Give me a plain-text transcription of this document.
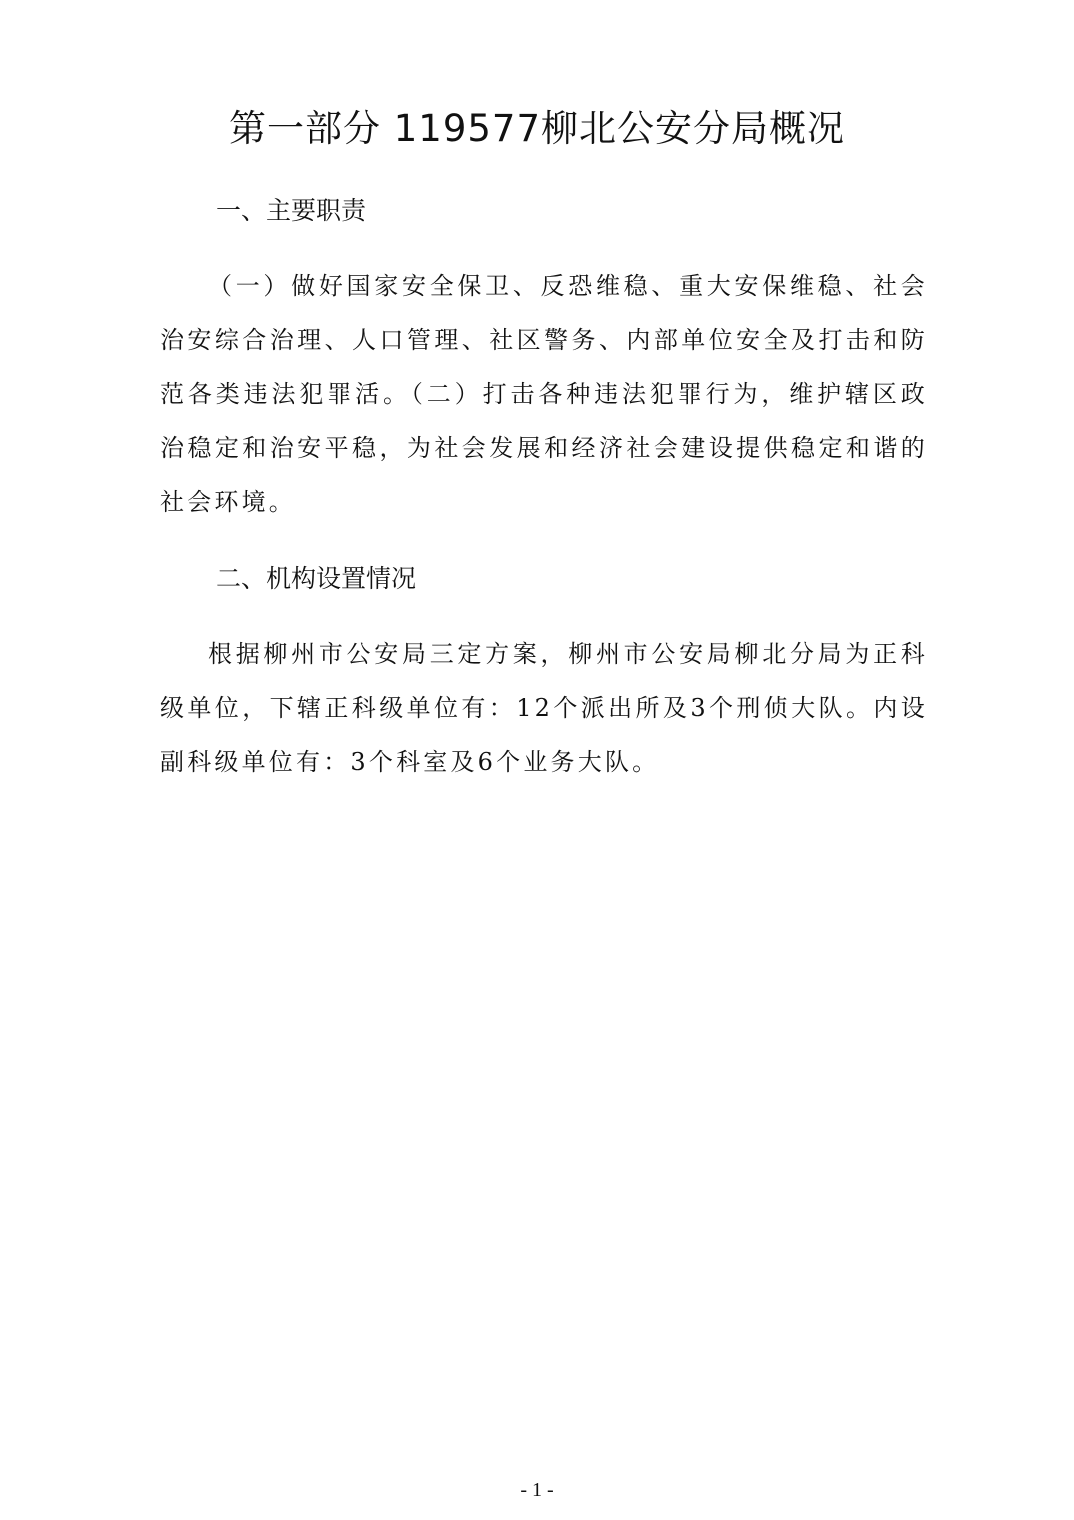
第一部分 119577柳北公安分局概况
一、主要职责

（一）做好国家安全保卫、反恐维稳、重大安保维稳、社会治安综合治理、人口管理、社区警务、内部单位安全及打击和防范各类违法犯罪活。（二）打击各种违法犯罪行为，维护辖区政治稳定和治安平稳，为社会发展和经济社会建设提供稳定和谐的社会环境。

二、机构设置情况

根据柳州市公安局三定方案，柳州市公安局柳北分局为正科级单位，下辖正科级单位有：12个派出所及3个刑侦大队。内设副科级单位有：3个科室及6个业务大队。

- 1 -
